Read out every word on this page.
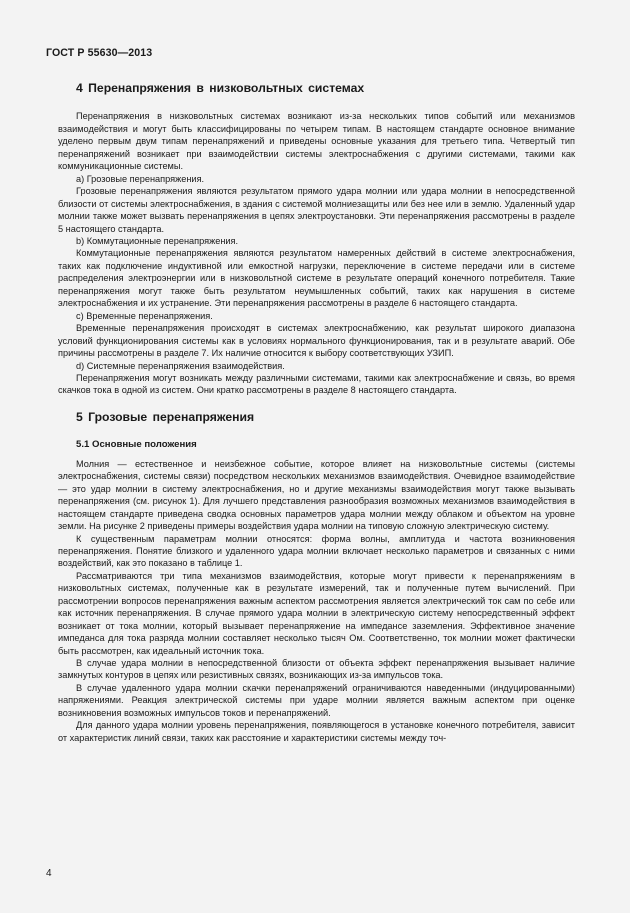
ГОСТ Р 55630—2013
4 Перенапряжения в низковольтных системах

Перенапряжения в низковольтных системах возникают из-за нескольких типов событий или механизмов взаимодействия и могут быть классифицированы по четырем типам. В настоящем стандарте основное внимание уделено первым двум типам перенапряжений и приведены основные указания для третьего типа. Четвертый тип перенапряжений возникает при взаимодействии системы электроснабжения с другими системами, такими как коммуникационные системы.

a) Грозовые перенапряжения.

Грозовые перенапряжения являются результатом прямого удара молнии или удара молнии в непосредственной близости от системы электроснабжения, в здания с системой молниезащиты или без нее или в землю. Удаленный удар молнии также может вызвать перенапряжения в цепях электроустановки. Эти перенапряжения рассмотрены в разделе 5 настоящего стандарта.

b) Коммутационные перенапряжения.

Коммутационные перенапряжения являются результатом намеренных действий в системе электроснабжения, таких как подключение индуктивной или емкостной нагрузки, переключение в системе передачи или в системе распределения электроэнергии или в низковольтной системе в результате операций конечного потребителя. Такие перенапряжения могут также быть результатом неумышленных событий, таких как нарушения в системе электроснабжения и их устранение. Эти перенапряжения рассмотрены в разделе 6 настоящего стандарта.

c) Временные перенапряжения.

Временные перенапряжения происходят в системах электроснабжению, как результат широкого диапазона условий функционирования системы как в условиях нормального функционирования, так и в результате аварий. Обе причины рассмотрены в разделе 7. Их наличие относится к выбору соответствующих УЗИП.

d) Системные перенапряжения взаимодействия.

Перенапряжения могут возникать между различными системами, такими как электроснабжение и связь, во время скачков тока в одной из систем. Они кратко рассмотрены в разделе 8 настоящего стандарта.

5 Грозовые перенапряжения
5.1 Основные положения

Молния — естественное и неизбежное событие, которое влияет на низковольтные системы (системы электроснабжения, системы связи) посредством нескольких механизмов взаимодействия. Очевидное взаимодействие — это удар молнии в систему электроснабжения, но и другие механизмы взаимодействия могут также вызывать перенапряжения (см. рисунок 1). Для лучшего представления разнообразия возможных механизмов взаимодействия в настоящем стандарте приведена сводка основных параметров удара молнии между облаком и объектом на уровне земли. На рисунке 2 приведены примеры воздействия удара молнии на типовую сложную электрическую систему.

К существенным параметрам молнии относятся: форма волны, амплитуда и частота возникновения перенапряжения. Понятие близкого и удаленного удара молнии включает несколько параметров и связанных с ними воздействий, как это показано в таблице 1.

Рассматриваются три типа механизмов взаимодействия, которые могут привести к перенапряжениям в низковольтных системах, полученные как в результате измерений, так и полученные путем вычислений. При рассмотрении вопросов перенапряжения важным аспектом рассмотрения является электрический ток сам по себе или как источник перенапряжения. В случае прямого удара молнии в электрическую систему непосредственный эффект возникает от тока молнии, который вызывает перенапряжение на импедансе заземления. Эффективное значение импеданса для тока разряда молнии составляет несколько тысяч Ом. Соответственно, ток молнии может фактически быть рассмотрен, как идеальный источник тока.

В случае удара молнии в непосредственной близости от объекта эффект перенапряжения вызывает наличие замкнутых контуров в цепях или резистивных связях, возникающих из-за импульсов тока.

В случае удаленного удара молнии скачки перенапряжений ограничиваются наведенными (индуцированными) напряжениями. Реакция электрической системы при ударе молнии является важным аспектом при оценке возникновения возможных импульсов токов и перенапряжений.

Для данного удара молнии уровень перенапряжения, появляющегося в установке конечного потребителя, зависит от характеристик линий связи, таких как расстояние и характеристики системы между точ-

4
